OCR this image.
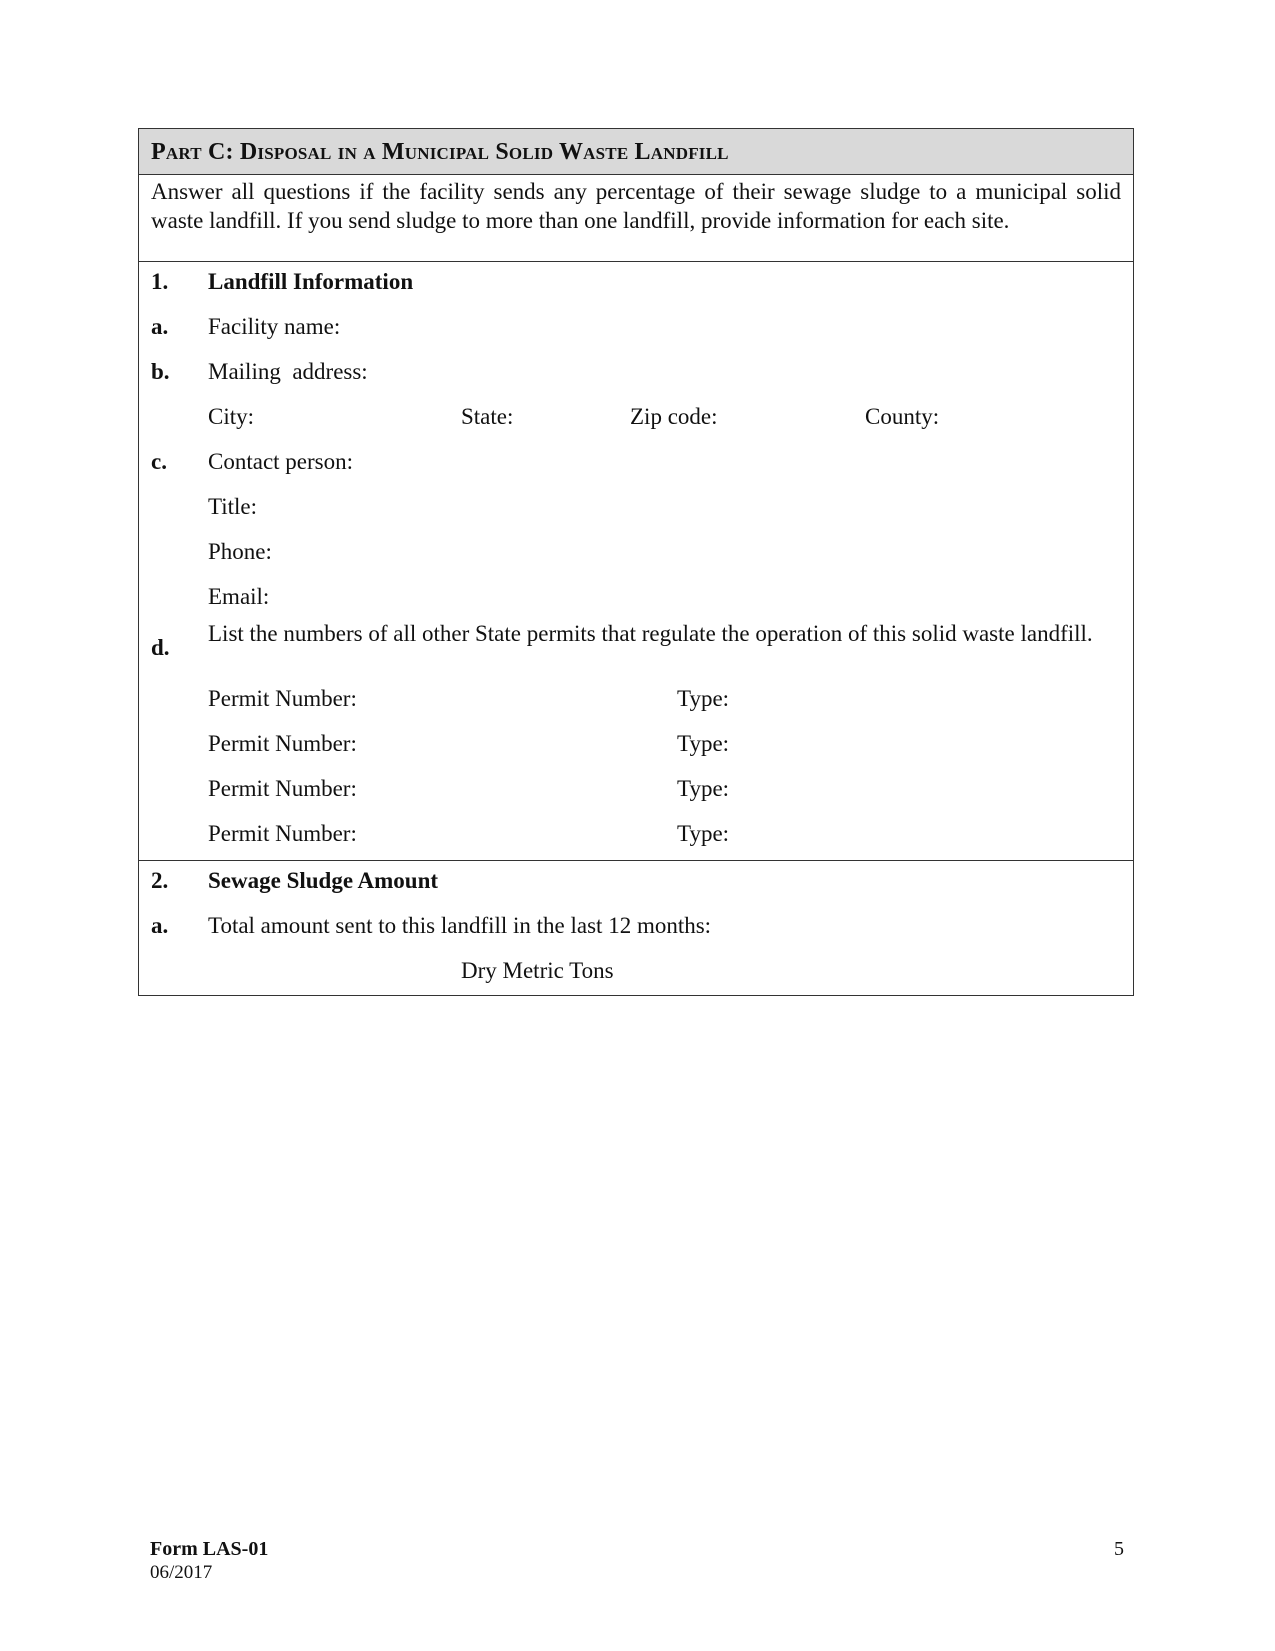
Part C: Disposal in a Municipal Solid Waste Landfill
Answer all questions if the facility sends any percentage of their sewage sludge to a municipal solid waste landfill. If you send sludge to more than one landfill, provide information for each site.
1. Landfill Information
a. Facility name:
b. Mailing  address:
City:	State:	Zip code:	County:
c. Contact person:
Title:
Phone:
Email:
d.
List the numbers of all other State permits that regulate the operation of this solid waste landfill.
Permit Number:	Type:
Permit Number:	Type:
Permit Number:	Type:
Permit Number:	Type:
2. Sewage Sludge Amount
a. Total amount sent to this landfill in the last 12 months:
Dry Metric Tons
Form LAS-01
06/2017
5
